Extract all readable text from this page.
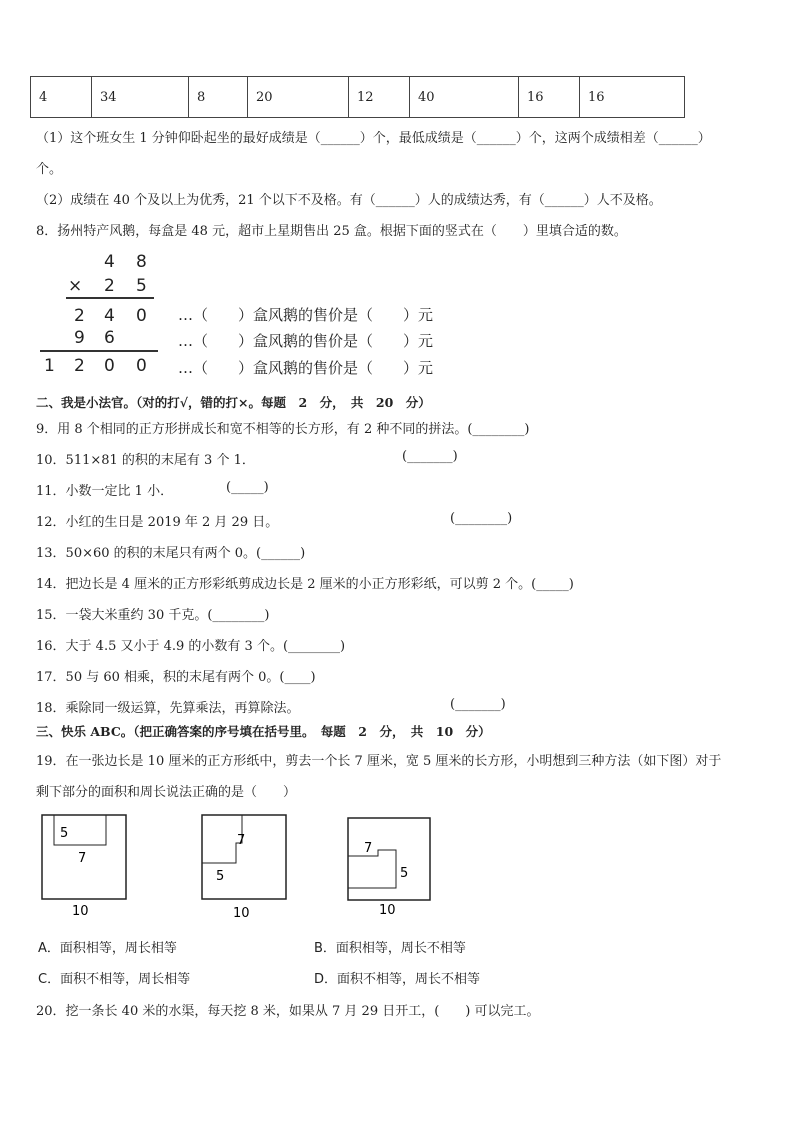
4	34	8	20	12	40	16	16
（1）这个班女生 1 分钟仰卧起坐的最好成绩是（______）个，最低成绩是（______）个，这两个成绩相差（______）
个。
（2）成绩在 40 个及以上为优秀，21 个以下不及格。有（______）人的成绩达秀，有（______）人不及格。
8．扬州特产风鹅，每盒是 48 元，超市上星期售出 25 盒。根据下面的竖式在（　　）里填合适的数。
4 8
× 2 5
2 4 0
9 6
1 2 0 0
…（　　）盒风鹅的售价是（　　）元
…（　　）盒风鹅的售价是（　　）元
…（　　）盒风鹅的售价是（　　）元
二、我是小法官。（对的打√，错的打×。每题　2　分，　共　20　分）
9．用 8 个相同的正方形拼成长和宽不相等的长方形，有 2 种不同的拼法。(________)
10．511×81 的积的末尾有 3 个 1．	(_______)
11．小数一定比 1 小．	(_____)
12．小红的生日是 2019 年 2 月 29 日。	(________)
13．50×60 的积的末尾只有两个 0。(______)
14．把边长是 4 厘米的正方形彩纸剪成边长是 2 厘米的小正方形彩纸，可以剪 2 个。(_____)
15．一袋大米重约 30 千克。(________)
16．大于 4.5 又小于 4.9 的小数有 3 个。(________)
17．50 与 60 相乘，积的末尾有两个 0。(____)
18．乘除同一级运算，先算乘法，再算除法。	(_______)
三、快乐 ABC。（把正确答案的序号填在括号里。　每题　2　分，　共　10　分）
19．在一张边长是 10 厘米的正方形纸中，剪去一个长 7 厘米，宽 5 厘米的长方形，小明想到三种方法（如下图）对于
剩下部分的面积和周长说法正确的是（　　）
5
7
10
7
5
10
7
5
10
A．面积相等，周长相等	B．面积相等，周长不相等
C．面积不相等，周长相等	D．面积不相等，周长不相等
20．挖一条长 40 米的水渠，每天挖 8 米，如果从 7 月 29 日开工，(　　) 可以完工。
